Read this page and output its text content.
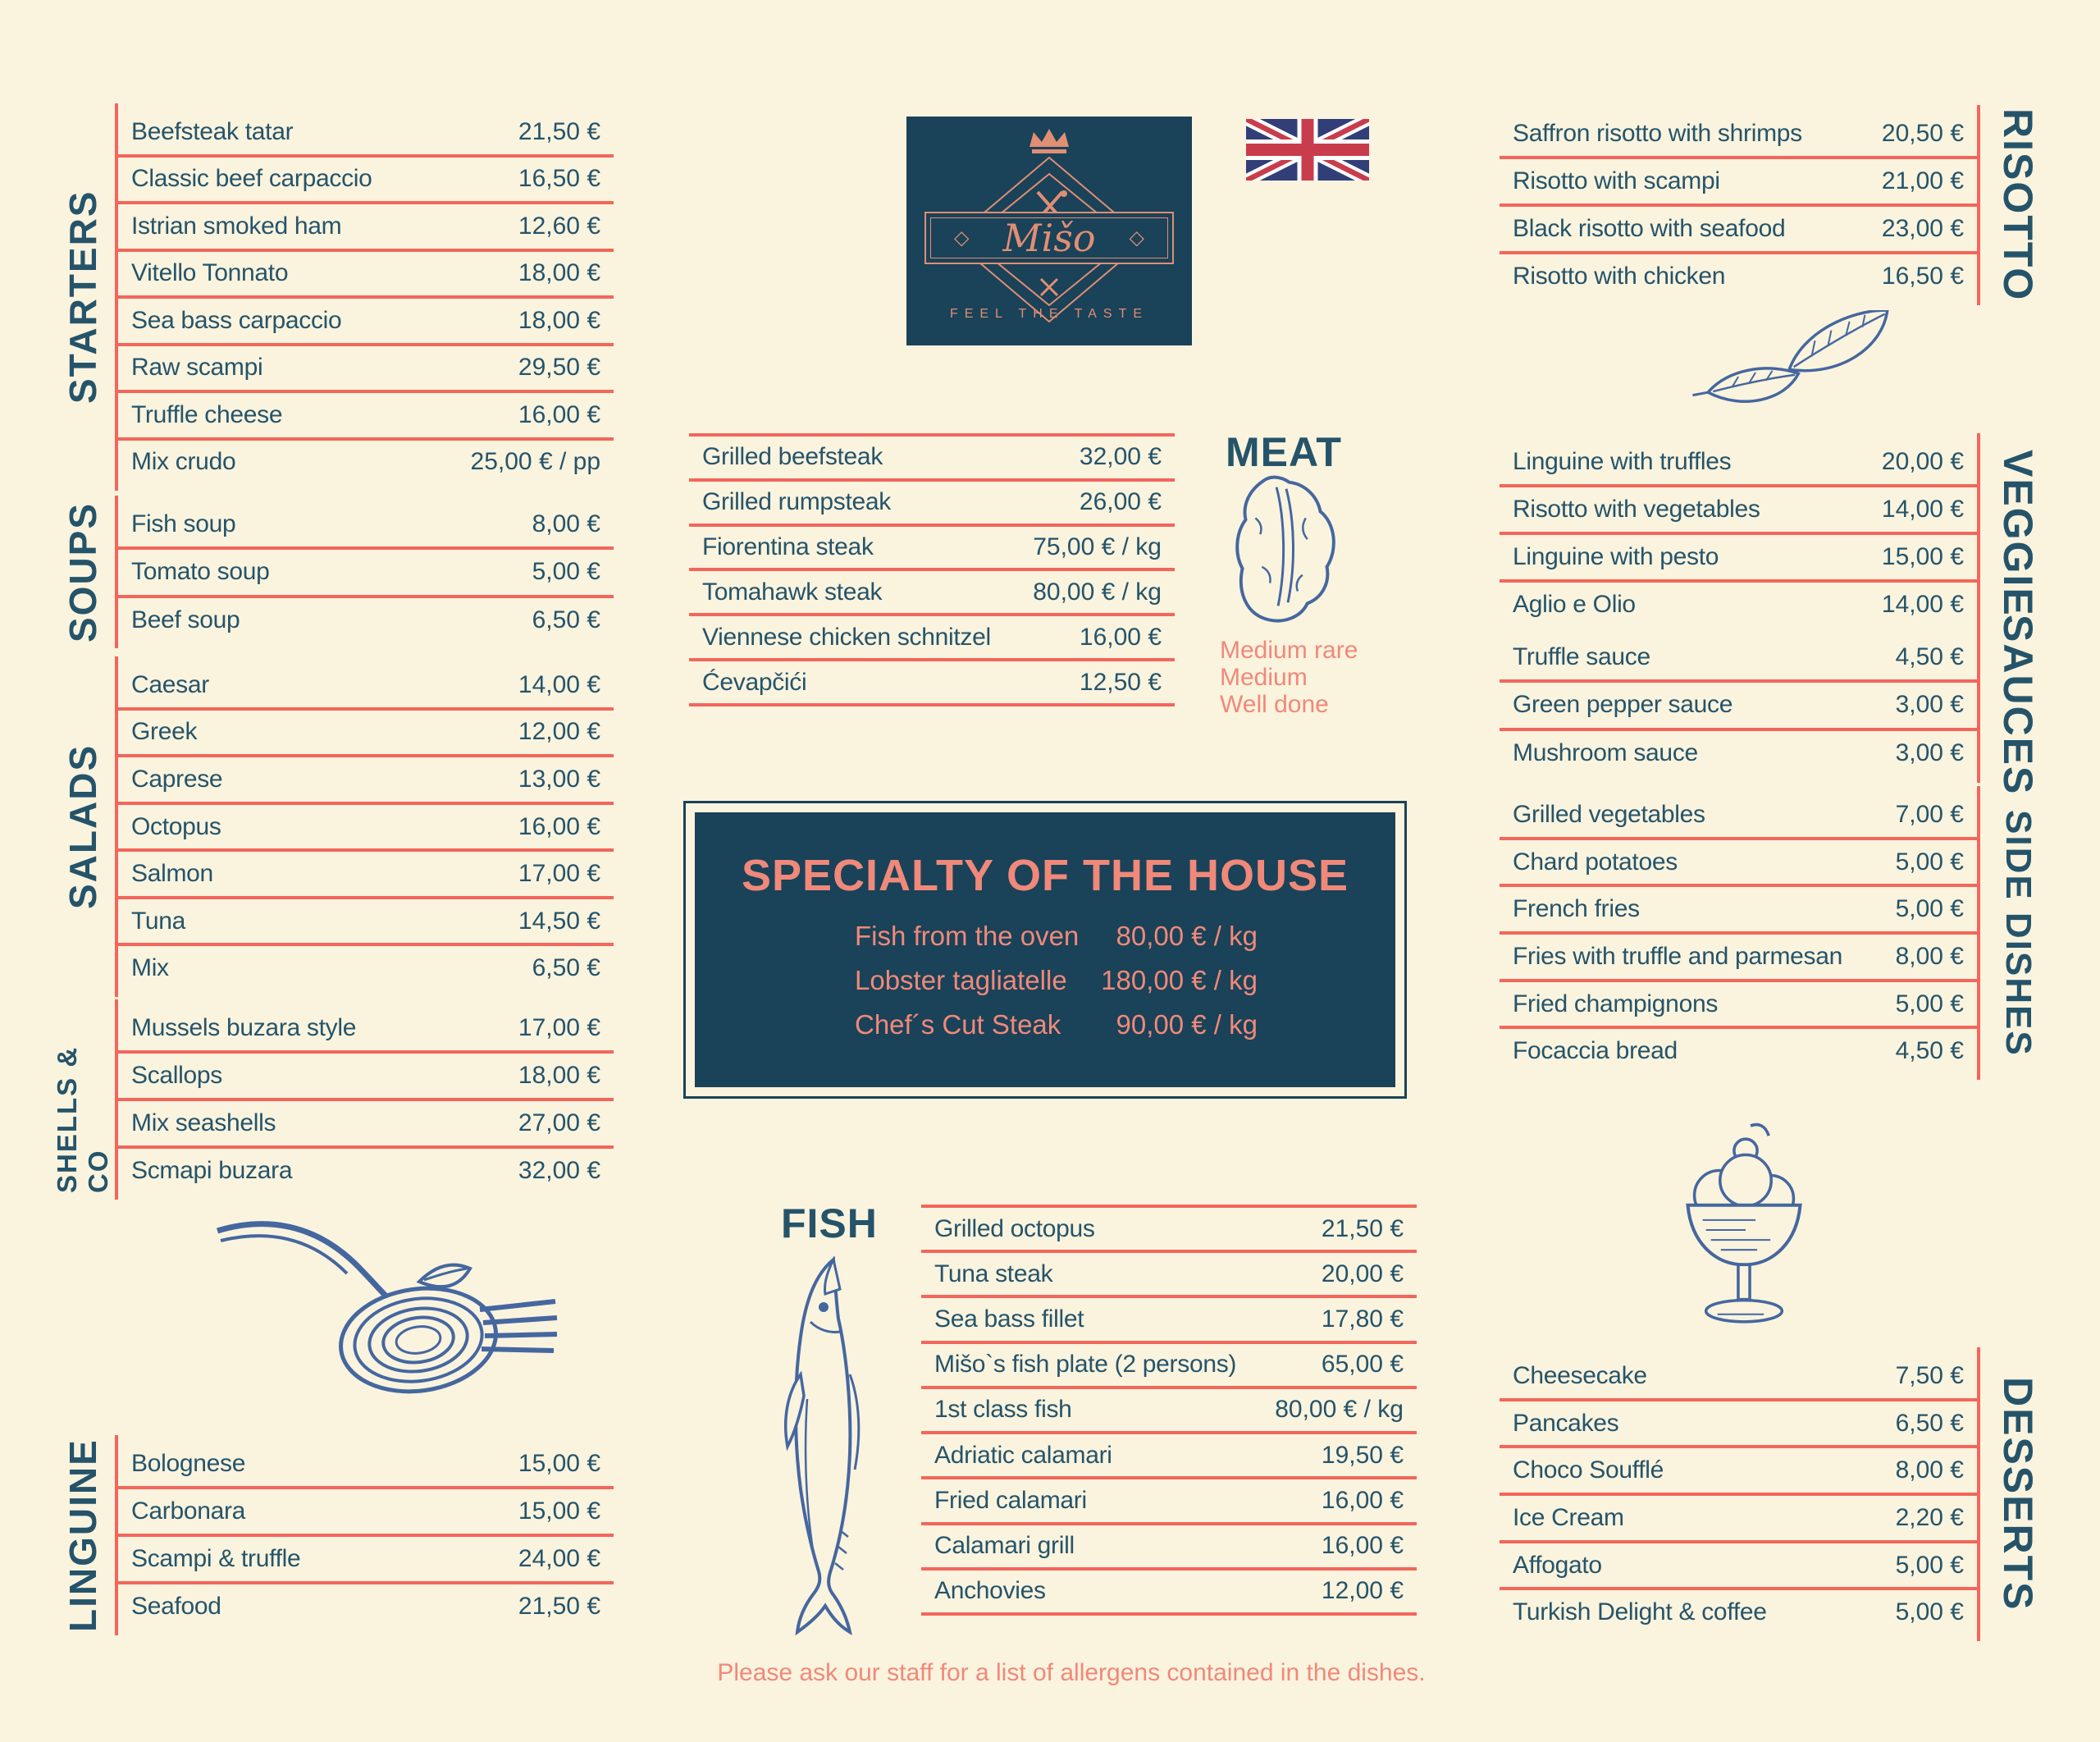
STARTERS
Beefsteak tatar	21,50 €
Classic beef carpaccio	16,50 €
Istrian smoked ham	12,60 €
Vitello Tonnato	18,00 €
Sea bass carpaccio	18,00 €
Raw scampi	29,50 €
Truffle cheese	16,00 €
Mix crudo	25,00 € / pp
SOUPS Fish soup	8,00 €
Tomato soup	5,00 €
Beef soup	6,50 €
SALADS
Caesar	14,00 €
Greek	12,00 €
Caprese	13,00 €
Octopus	16,00 €
Salmon	17,00 €
Tuna	14,50 €
Mix	6,50 €
SHELLS & CO
Mussels buzara style	17,00 €
Scallops	18,00 €
Mix seashells	27,00 €
Scmapi buzara	32,00 €
LINGUINE Bolognese	15,00 €
Carbonara	15,00 €
Scampi & truffle	24,00 €
Seafood	21,50 €
◇ Mišo ◇
FEEL THE TASTE
Grilled beefsteak	32,00 €
Grilled rumpsteak	26,00 €
Fiorentina steak	75,00 € / kg
Tomahawk steak	80,00 € / kg
Viennese chicken schnitzel	16,00 €
Ćevapčići	12,50 €
MEAT
Medium rare
Medium
Well done
SPECIALTY OF THE HOUSE
Fish from the oven 80,00 € / kg
Lobster tagliatelle 180,00 € / kg
Chef´s Cut Steak 90,00 € / kg
FISH Grilled octopus	21,50 €
Tuna steak	20,00 €
Sea bass fillet	17,80 €
Mišo`s fish plate (2 persons)	65,00 €
1st class fish	80,00 € / kg
Adriatic calamari	19,50 €
Fried calamari	16,00 €
Calamari grill	16,00 €
Anchovies	12,00 €
RISOTTO
Saffron risotto with shrimps	20,50 €
Risotto with scampi	21,00 €
Black risotto with seafood	23,00 €
Risotto with chicken	16,50 €
VEGGIE
Linguine with truffles	20,00 €
Risotto with vegetables	14,00 €
Linguine with pesto	15,00 €
Aglio e Olio	14,00 €
SAUCES
Truffle sauce	4,50 €
Green pepper sauce	3,00 €
Mushroom sauce	3,00 €
SIDE DISHES
Grilled vegetables	7,00 €
Chard potatoes	5,00 €
French fries	5,00 €
Fries with truffle and parmesan 8,00 €
Fried champignons	5,00 €
Focaccia bread	4,50 €
DESSERTS
Cheesecake	7,50 €
Pancakes	6,50 €
Choco Soufflé	8,00 €
Ice Cream	2,20 €
Affogato	5,00 €
Turkish Delight & coffee	5,00 €
Please ask our staff for a list of allergens contained in the dishes.
